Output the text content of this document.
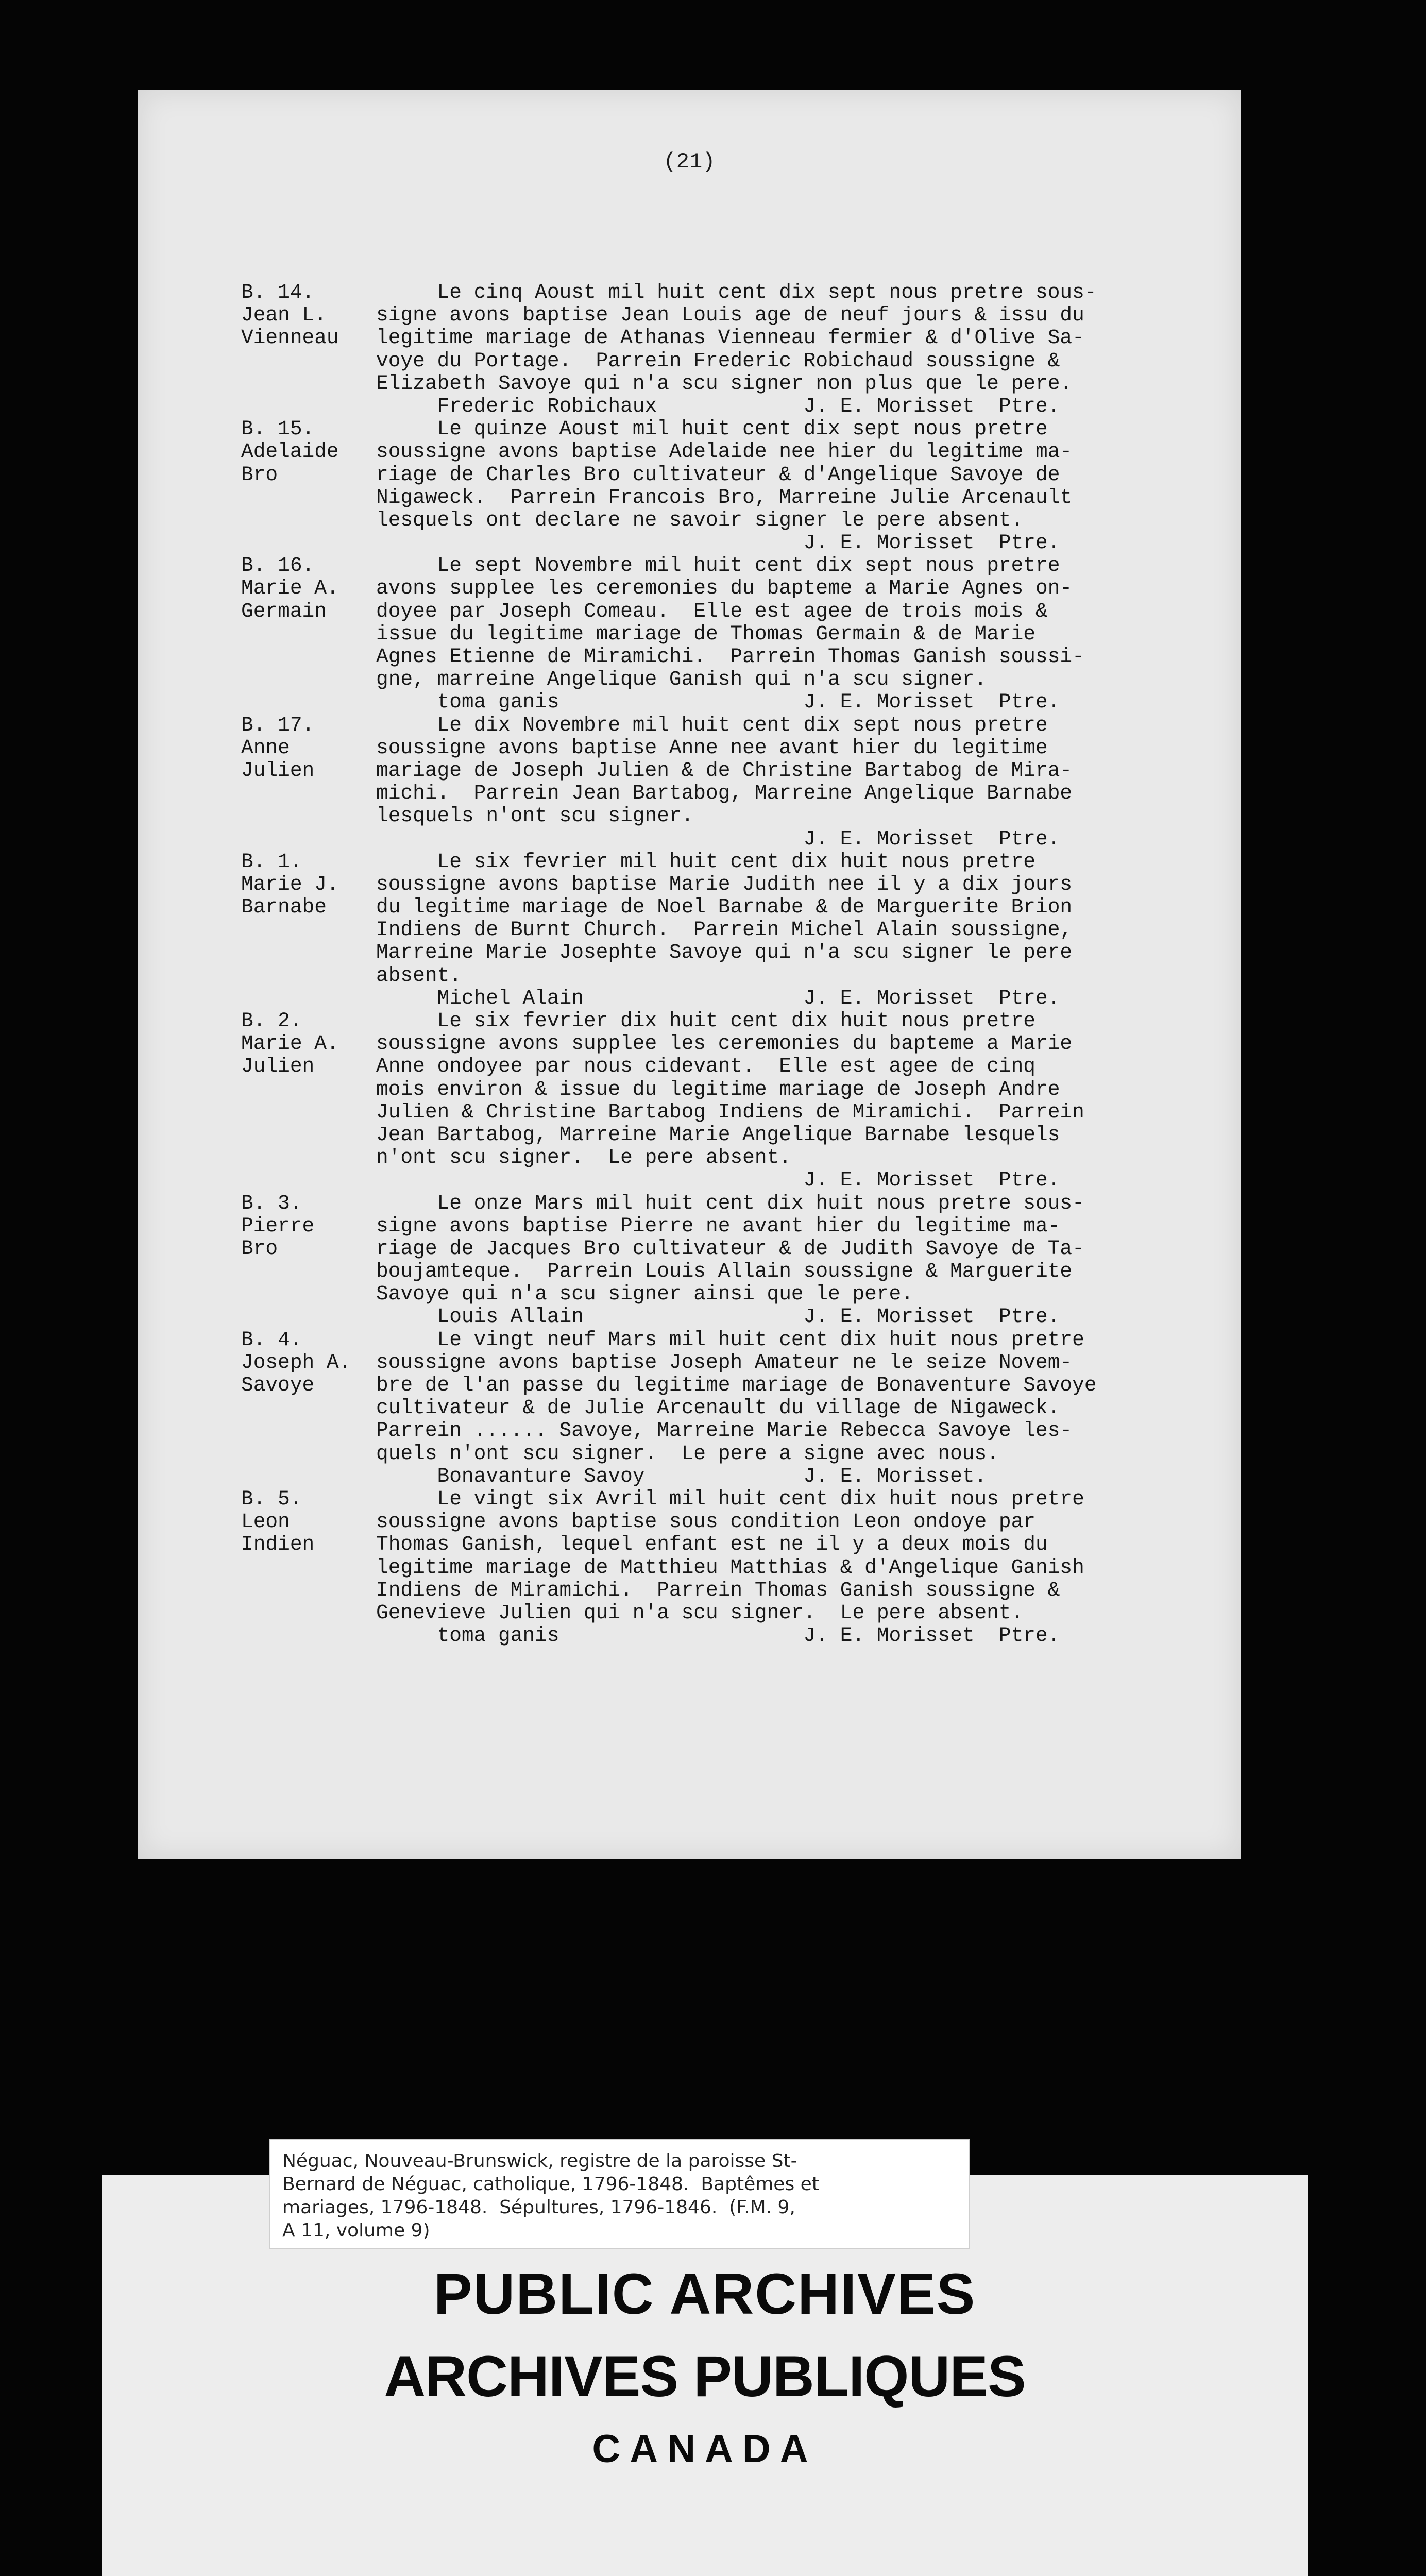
(21)
B. 14.
Jean L.
Vienneau
Le cinq Aoust mil huit cent dix sept nous pretre sous-
signe avons baptise Jean Louis age de neuf jours & issu du
legitime mariage de Athanas Vienneau fermier & d'Olive Sa-
voye du Portage.  Parrein Frederic Robichaud soussigne &
Elizabeth Savoye qui n'a scu signer non plus que le pere.
Frederic Robichaux            J. E. Morisset  Ptre.
B. 15.
Adelaide
Bro
Le quinze Aoust mil huit cent dix sept nous pretre
soussigne avons baptise Adelaide nee hier du legitime ma-
riage de Charles Bro cultivateur & d'Angelique Savoye de
Nigaweck.  Parrein Francois Bro, Marreine Julie Arcenault
lesquels ont declare ne savoir signer le pere absent.
J. E. Morisset  Ptre.
B. 16.
Marie A.
Germain
Le sept Novembre mil huit cent dix sept nous pretre
avons supplee les ceremonies du bapteme a Marie Agnes on-
doyee par Joseph Comeau.  Elle est agee de trois mois &
issue du legitime mariage de Thomas Germain & de Marie
Agnes Etienne de Miramichi.  Parrein Thomas Ganish soussi-
gne, marreine Angelique Ganish qui n'a scu signer.
toma ganis                    J. E. Morisset  Ptre.
B. 17.
Anne
Julien
Le dix Novembre mil huit cent dix sept nous pretre
soussigne avons baptise Anne nee avant hier du legitime
mariage de Joseph Julien & de Christine Bartabog de Mira-
michi.  Parrein Jean Bartabog, Marreine Angelique Barnabe
lesquels n'ont scu signer.
J. E. Morisset  Ptre.
B. 1.
Marie J.
Barnabe
Le six fevrier mil huit cent dix huit nous pretre
soussigne avons baptise Marie Judith nee il y a dix jours
du legitime mariage de Noel Barnabe & de Marguerite Brion
Indiens de Burnt Church.  Parrein Michel Alain soussigne,
Marreine Marie Josephte Savoye qui n'a scu signer le pere
absent.
Michel Alain                  J. E. Morisset  Ptre.
B. 2.
Marie A.
Julien
Le six fevrier dix huit cent dix huit nous pretre
soussigne avons supplee les ceremonies du bapteme a Marie
Anne ondoyee par nous cidevant.  Elle est agee de cinq
mois environ & issue du legitime mariage de Joseph Andre
Julien & Christine Bartabog Indiens de Miramichi.  Parrein
Jean Bartabog, Marreine Marie Angelique Barnabe lesquels
n'ont scu signer.  Le pere absent.
J. E. Morisset  Ptre.
B. 3.
Pierre
Bro
Le onze Mars mil huit cent dix huit nous pretre sous-
signe avons baptise Pierre ne avant hier du legitime ma-
riage de Jacques Bro cultivateur & de Judith Savoye de Ta-
boujamteque.  Parrein Louis Allain soussigne & Marguerite
Savoye qui n'a scu signer ainsi que le pere.
Louis Allain                  J. E. Morisset  Ptre.
B. 4.
Joseph A.
Savoye
Le vingt neuf Mars mil huit cent dix huit nous pretre
soussigne avons baptise Joseph Amateur ne le seize Novem-
bre de l'an passe du legitime mariage de Bonaventure Savoye
cultivateur & de Julie Arcenault du village de Nigaweck.
Parrein ...... Savoye, Marreine Marie Rebecca Savoye les-
quels n'ont scu signer.  Le pere a signe avec nous.
Bonavanture Savoy             J. E. Morisset.
B. 5.
Leon
Indien
Le vingt six Avril mil huit cent dix huit nous pretre
soussigne avons baptise sous condition Leon ondoye par
Thomas Ganish, lequel enfant est ne il y a deux mois du
legitime mariage de Matthieu Matthias & d'Angelique Ganish
Indiens de Miramichi.  Parrein Thomas Ganish soussigne &
Genevieve Julien qui n'a scu signer.  Le pere absent.
toma ganis                    J. E. Morisset  Ptre.
Néguac, Nouveau-Brunswick, registre de la paroisse St-
Bernard de Néguac, catholique, 1796-1848.  Baptêmes et
mariages, 1796-1848.  Sépultures, 1796-1846.  (F.M. 9,
A 11, volume 9)
PUBLIC ARCHIVES
ARCHIVES PUBLIQUES
CANADA
